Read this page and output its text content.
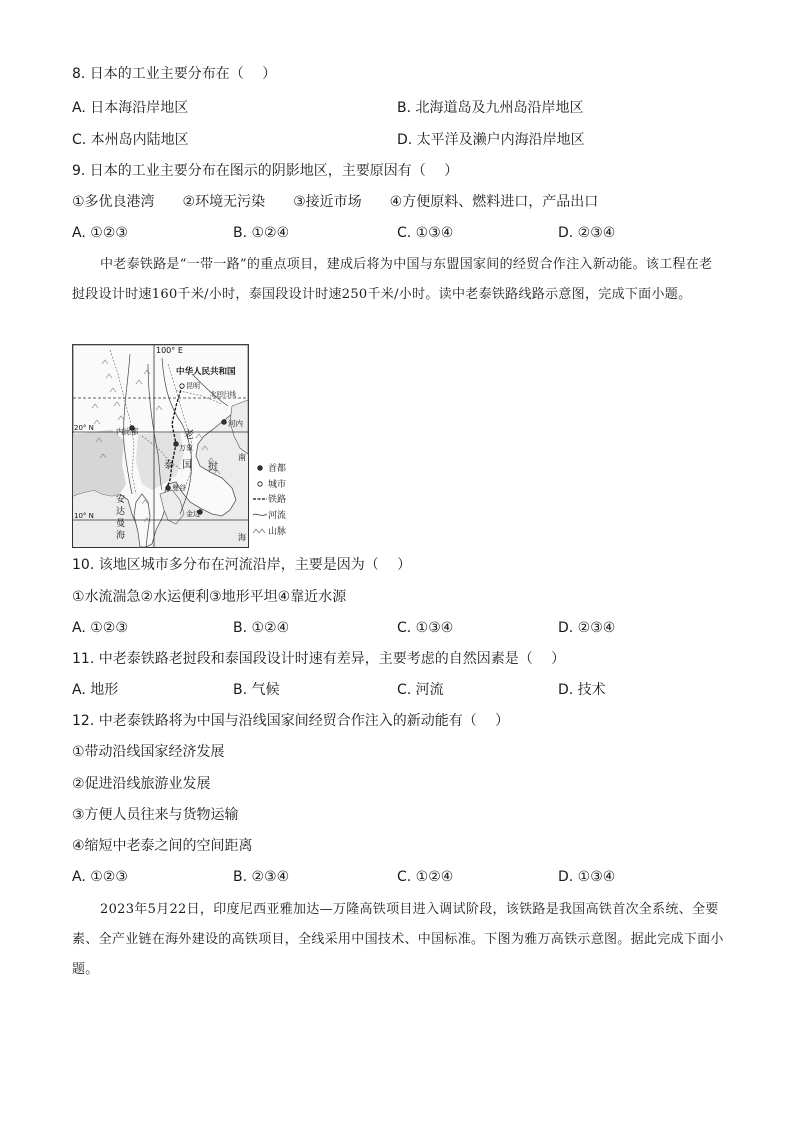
8. 日本的工业主要分布在（　 ）
A. 日本海沿岸地区	B. 北海道岛及九州岛沿岸地区
C. 本州岛内陆地区	D. 太平洋及濑户内海沿岸地区
9. 日本的工业主要分布在图示的阴影地区，主要原因有（　 ）
①多优良港湾　　②环境无污染　　③接近市场　　④方便原料、燃料进口，产品出口
A. ①②③	B. ①②④	C. ①③④	D. ②③④
中老泰铁路是“一带一路”的重点项目，建成后将为中国与东盟国家间的经贸合作注入新动能。该工程在老挝段设计时速160千米/小时，泰国段设计时速250千米/小时。读中老泰铁路线路示意图，完成下面小题。
100° E
20° N
10° N
中华人民共和国
昆明
北回归线
内比都
河内
老
万象
挝
泰 国
曼谷
金边
安
达
曼
海
南
海
首都
城市
铁路
河流
山脉
10. 该地区城市多分布在河流沿岸，主要是因为（　 ）
①水流湍急②水运便利③地形平坦④靠近水源
A. ①②③	B. ①②④	C. ①③④	D. ②③④
11. 中老泰铁路老挝段和泰国段设计时速有差异，主要考虑的自然因素是（　 ）
A. 地形	B. 气候	C. 河流	D. 技术
12. 中老泰铁路将为中国与沿线国家间经贸合作注入的新动能有（　 ）
①带动沿线国家经济发展
②促进沿线旅游业发展
③方便人员往来与货物运输
④缩短中老泰之间的空间距离
A. ①②③	B. ②③④	C. ①②④	D. ①③④
2023年5月22日，印度尼西亚雅加达—万隆高铁项目进入调试阶段，该铁路是我国高铁首次全系统、全要素、全产业链在海外建设的高铁项目，全线采用中国技术、中国标准。下图为雅万高铁示意图。据此完成下面小题。
